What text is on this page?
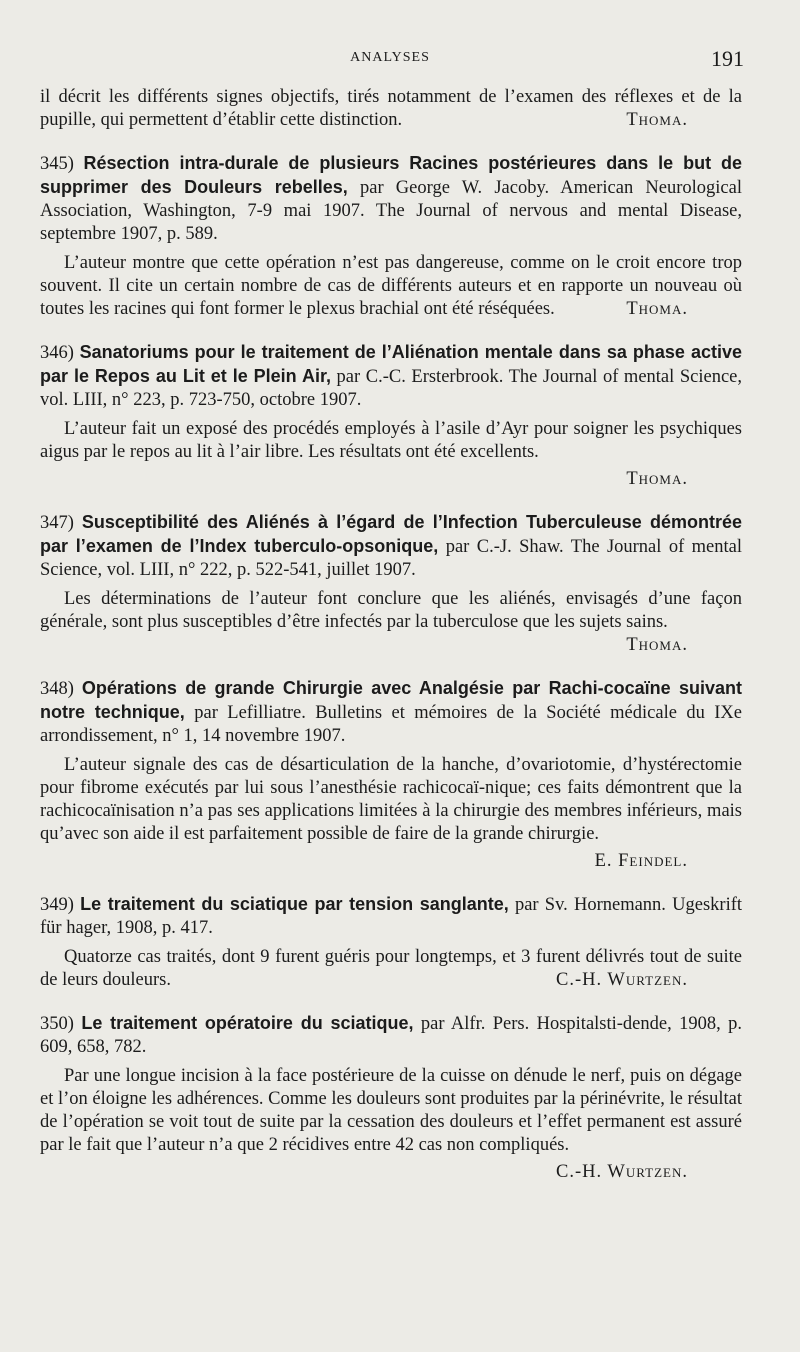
ANALYSES	191

il décrit les différents signes objectifs, tirés notamment de l’examen des réflexes et de la pupille, qui permettent d’établir cette distinction.	Thoma.

345) Résection intra-durale de plusieurs Racines postérieures dans le but de supprimer des Douleurs rebelles, par George W. Jacoby. American Neurological Association, Washington, 7-9 mai 1907. The Journal of nervous and mental Disease, septembre 1907, p. 589.

L’auteur montre que cette opération n’est pas dangereuse, comme on le croit encore trop souvent. Il cite un certain nombre de cas de différents auteurs et en rapporte un nouveau où toutes les racines qui font former le plexus brachial ont été réséquées.	Thoma.

346) Sanatoriums pour le traitement de l’Aliénation mentale dans sa phase active par le Repos au Lit et le Plein Air, par C.-C. Ersterbrook. The Journal of mental Science, vol. LIII, n° 223, p. 723-750, octobre 1907.

L’auteur fait un exposé des procédés employés à l’asile d’Ayr pour soigner les psychiques aigus par le repos au lit à l’air libre. Les résultats ont été excellents.

Thoma.
347) Susceptibilité des Aliénés à l’égard de l’Infection Tuberculeuse démontrée par l’examen de l’Index tuberculo-opsonique, par C.-J. Shaw. The Journal of mental Science, vol. LIII, n° 222, p. 522-541, juillet 1907.

Les déterminations de l’auteur font conclure que les aliénés, envisagés d’une façon générale, sont plus susceptibles d’être infectés par la tuberculose que les sujets sains.
Thoma.

348) Opérations de grande Chirurgie avec Analgésie par Rachi-cocaïne suivant notre technique, par Lefilliatre. Bulletins et mémoires de la Société médicale du IXe arrondissement, n° 1, 14 novembre 1907.

L’auteur signale des cas de désarticulation de la hanche, d’ovariotomie, d’hystérectomie pour fibrome exécutés par lui sous l’anesthésie rachicocaï-nique; ces faits démontrent que la rachicocaïnisation n’a pas ses applications limitées à la chirurgie des membres inférieurs, mais qu’avec son aide il est parfaitement possible de faire de la grande chirurgie.

E. Feindel.
349) Le traitement du sciatique par tension sanglante, par Sv. Hornemann. Ugeskrift für hager, 1908, p. 417.

Quatorze cas traités, dont 9 furent guéris pour longtemps, et 3 furent délivrés tout de suite de leurs douleurs.	C.-H. Wurtzen.

350) Le traitement opératoire du sciatique, par Alfr. Pers. Hospitalsti-dende, 1908, p. 609, 658, 782.

Par une longue incision à la face postérieure de la cuisse on dénude le nerf, puis on dégage et l’on éloigne les adhérences. Comme les douleurs sont produites par la périnévrite, le résultat de l’opération se voit tout de suite par la cessation des douleurs et l’effet permanent est assuré par le fait que l’auteur n’a que 2 récidives entre 42 cas non compliqués.

C.-H. Wurtzen.
